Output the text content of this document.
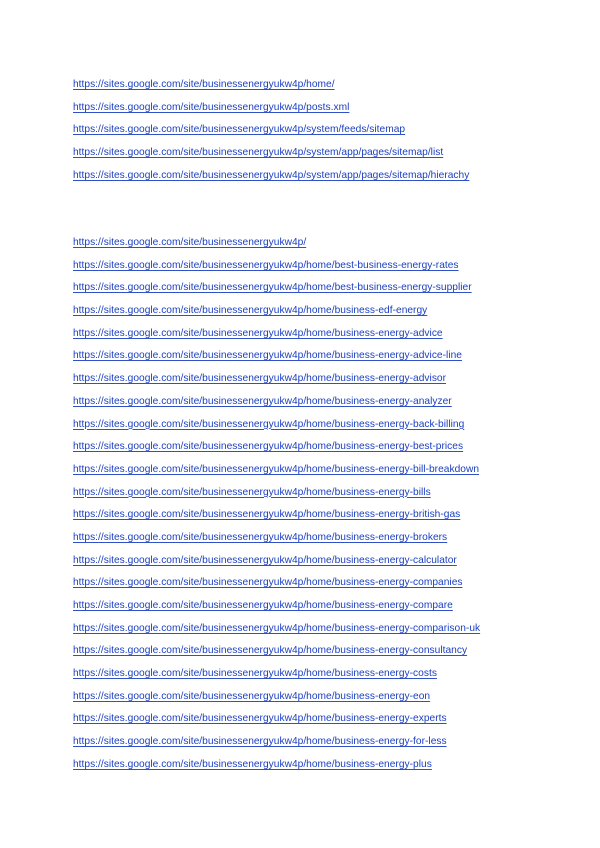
https://sites.google.com/site/businessenergyukw4p/home/
https://sites.google.com/site/businessenergyukw4p/posts.xml
https://sites.google.com/site/businessenergyukw4p/system/feeds/sitemap
https://sites.google.com/site/businessenergyukw4p/system/app/pages/sitemap/list
https://sites.google.com/site/businessenergyukw4p/system/app/pages/sitemap/hierachy
https://sites.google.com/site/businessenergyukw4p/
https://sites.google.com/site/businessenergyukw4p/home/best-business-energy-rates
https://sites.google.com/site/businessenergyukw4p/home/best-business-energy-supplier
https://sites.google.com/site/businessenergyukw4p/home/business-edf-energy
https://sites.google.com/site/businessenergyukw4p/home/business-energy-advice
https://sites.google.com/site/businessenergyukw4p/home/business-energy-advice-line
https://sites.google.com/site/businessenergyukw4p/home/business-energy-advisor
https://sites.google.com/site/businessenergyukw4p/home/business-energy-analyzer
https://sites.google.com/site/businessenergyukw4p/home/business-energy-back-billing
https://sites.google.com/site/businessenergyukw4p/home/business-energy-best-prices
https://sites.google.com/site/businessenergyukw4p/home/business-energy-bill-breakdown
https://sites.google.com/site/businessenergyukw4p/home/business-energy-bills
https://sites.google.com/site/businessenergyukw4p/home/business-energy-british-gas
https://sites.google.com/site/businessenergyukw4p/home/business-energy-brokers
https://sites.google.com/site/businessenergyukw4p/home/business-energy-calculator
https://sites.google.com/site/businessenergyukw4p/home/business-energy-companies
https://sites.google.com/site/businessenergyukw4p/home/business-energy-compare
https://sites.google.com/site/businessenergyukw4p/home/business-energy-comparison-uk
https://sites.google.com/site/businessenergyukw4p/home/business-energy-consultancy
https://sites.google.com/site/businessenergyukw4p/home/business-energy-costs
https://sites.google.com/site/businessenergyukw4p/home/business-energy-eon
https://sites.google.com/site/businessenergyukw4p/home/business-energy-experts
https://sites.google.com/site/businessenergyukw4p/home/business-energy-for-less
https://sites.google.com/site/businessenergyukw4p/home/business-energy-plus
